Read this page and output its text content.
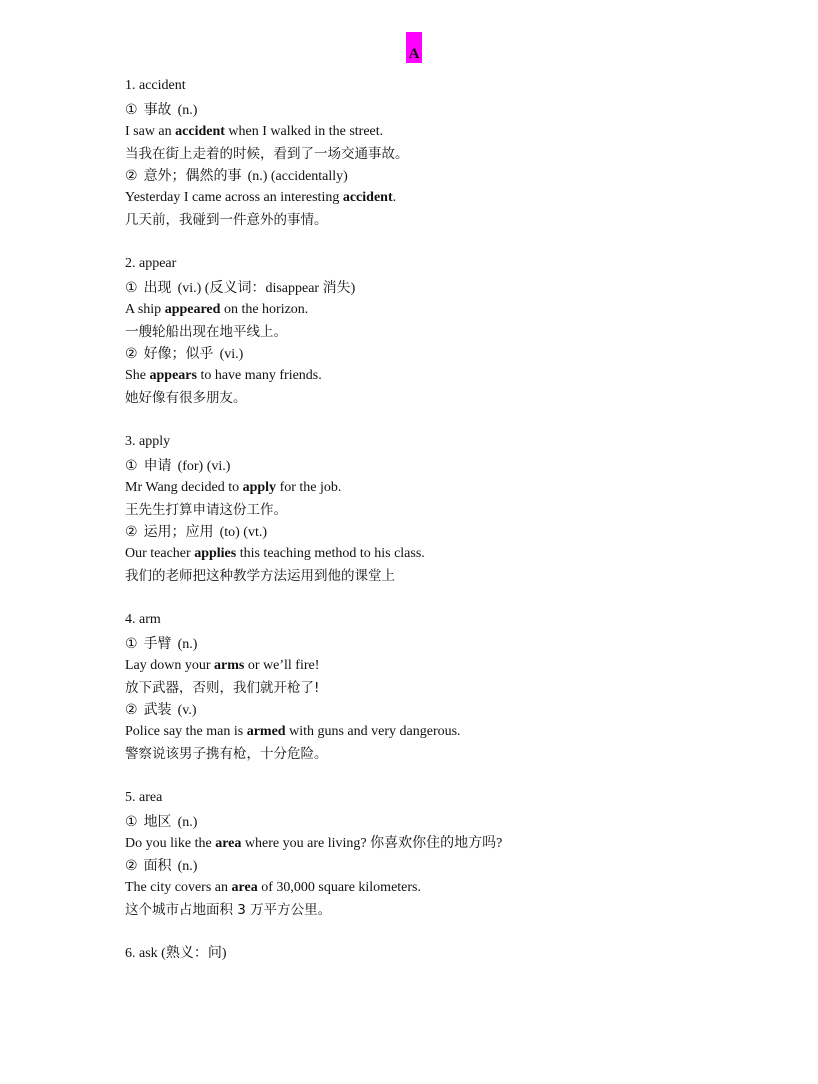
A
1. accident
① 事故 (n.)
I saw an accident when I walked in the street.
当我在街上走着的时候，看到了一场交通事故。
② 意外；偶然的事 (n.) (accidentally)
Yesterday I came across an interesting accident.
几天前，我碰到一件意外的事情。
2. appear
① 出现 (vi.) (反义词：disappear 消失)
A ship appeared on the horizon.
一艘轮船出现在地平线上。
② 好像；似乎 (vi.)
She appears to have many friends.
她好像有很多朋友。
3. apply
① 申请 (for) (vi.)
Mr Wang decided to apply for the job.
王先生打算申请这份工作。
② 运用；应用 (to) (vt.)
Our teacher applies this teaching method to his class.
我们的老师把这种教学方法运用到他的课堂上
4. arm
① 手臂 (n.)
Lay down your arms or we’ll fire!
放下武器，否则，我们就开枪了!
② 武装 (v.)
Police say the man is armed with guns and very dangerous.
警察说该男子携有枪，十分危险。
5. area
① 地区 (n.)
Do you like the area where you are living? 你喜欢你住的地方吗?
② 面积 (n.)
The city covers an area of 30,000 square kilometers.
这个城市占地面积 3 万平方公里。
6. ask (熟义：问)
